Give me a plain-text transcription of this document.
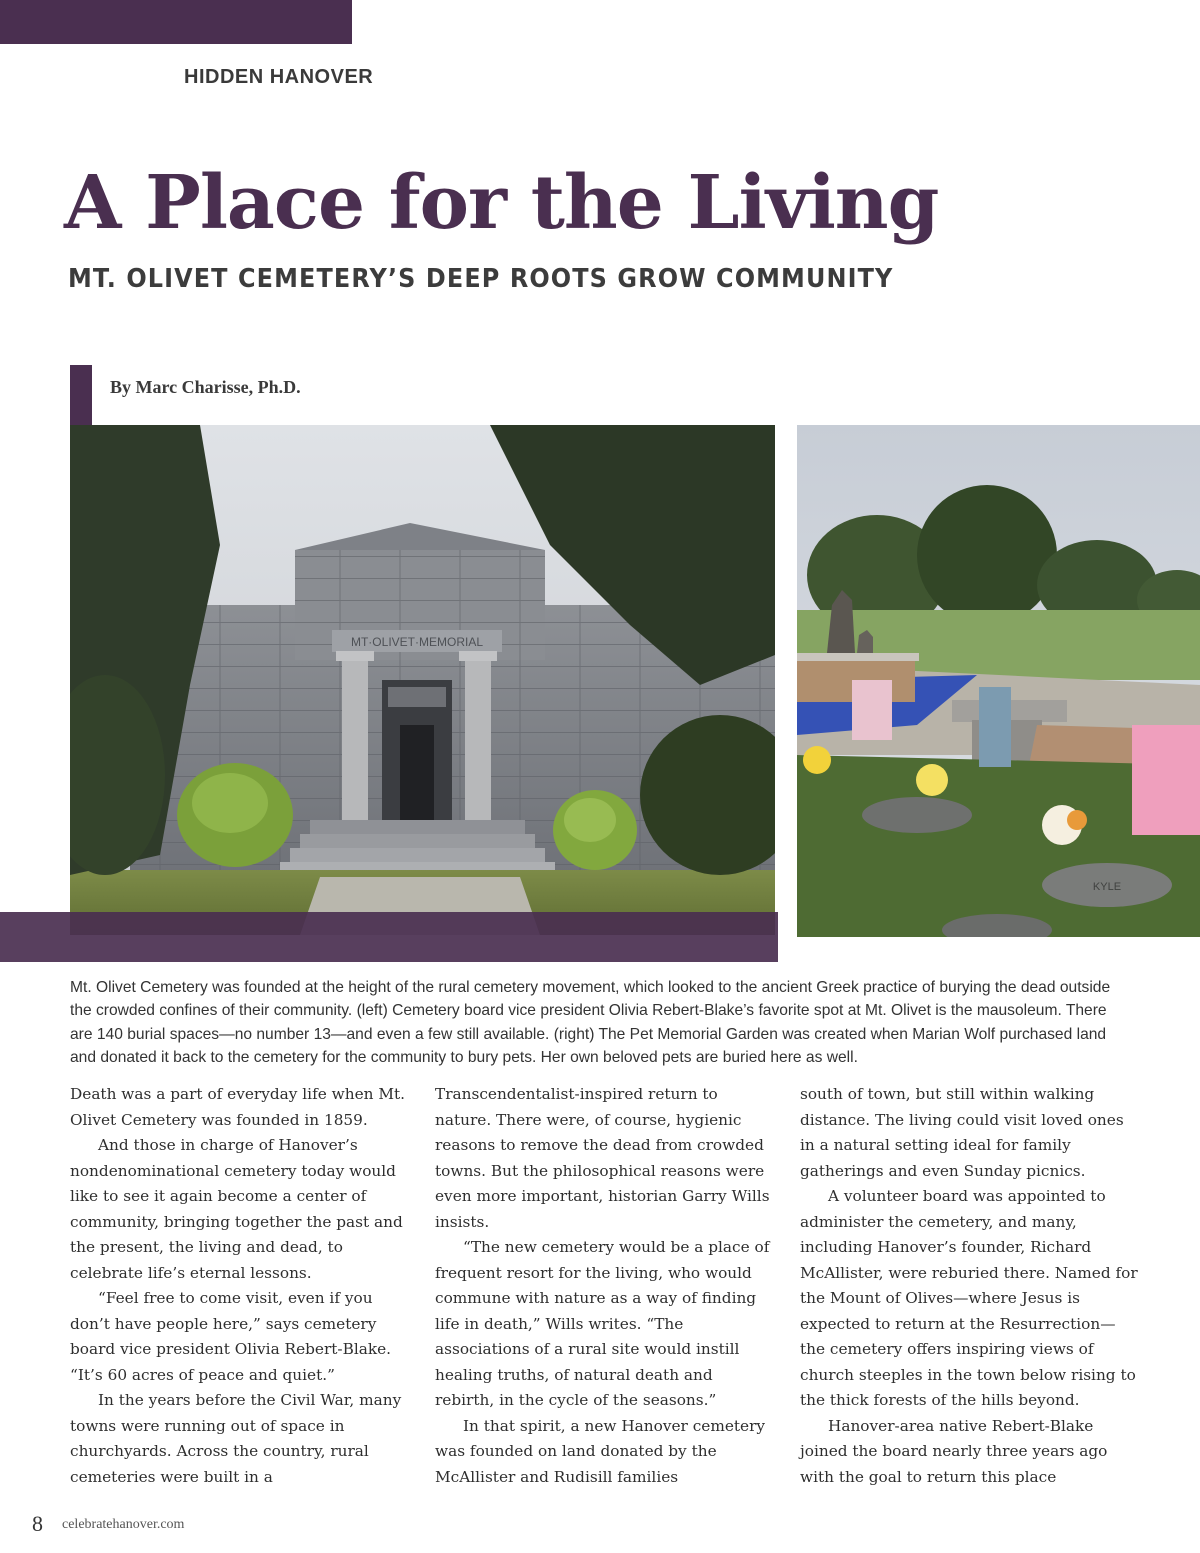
HIDDEN HANOVER
A Place for the Living
MT. OLIVET CEMETERY’S DEEP ROOTS GROW COMMUNITY
By Marc Charisse, Ph.D.
MT·OLIVET·MEMORIAL
KYLE
Mt. Olivet Cemetery was founded at the height of the rural cemetery movement, which looked to the ancient Greek practice of burying the dead outside the crowded confines of their community. (left) Cemetery board vice president Olivia Rebert-Blake’s favorite spot at Mt. Olivet is the mausoleum. There are 140 burial spaces—no number 13—and even a few still available. (right) The Pet Memorial Garden was created when Marian Wolf purchased land and donated it back to the cemetery for the community to bury pets. Her own beloved pets are buried here as well.

Death was a part of everyday life when Mt. Olivet Cemetery was founded in 1859.

And those in charge of Hanover’s nondenominational cemetery today would like to see it again become a center of community, bringing together the past and the present, the living and dead, to celebrate life’s eternal lessons.

“Feel free to come visit, even if you don’t have people here,” says cemetery board vice president Olivia Rebert-Blake. “It’s 60 acres of peace and quiet.”

In the years before the Civil War, many towns were running out of space in churchyards. Across the country, rural cemeteries were built in a

Transcendentalist-inspired return to nature. There were, of course, hygienic reasons to remove the dead from crowded towns. But the philosophical reasons were even more important, historian Garry Wills insists.

“The new cemetery would be a place of frequent resort for the living, who would commune with nature as a way of finding life in death,” Wills writes. “The associations of a rural site would instill healing truths, of natural death and rebirth, in the cycle of the seasons.”

In that spirit, a new Hanover cemetery was founded on land donated by the McAllister and Rudisill families

south of town, but still within walking distance. The living could visit loved ones in a natural setting ideal for family gatherings and even Sunday picnics.

A volunteer board was appointed to administer the cemetery, and many, including Hanover’s founder, Richard McAllister, were reburied there. Named for the Mount of Olives—where Jesus is expected to return at the Resurrection—the cemetery offers inspiring views of church steeples in the town below rising to the thick forests of the hills beyond.

Hanover-area native Rebert-Blake joined the board nearly three years ago with the goal to return this place

8 celebratehanover.com
